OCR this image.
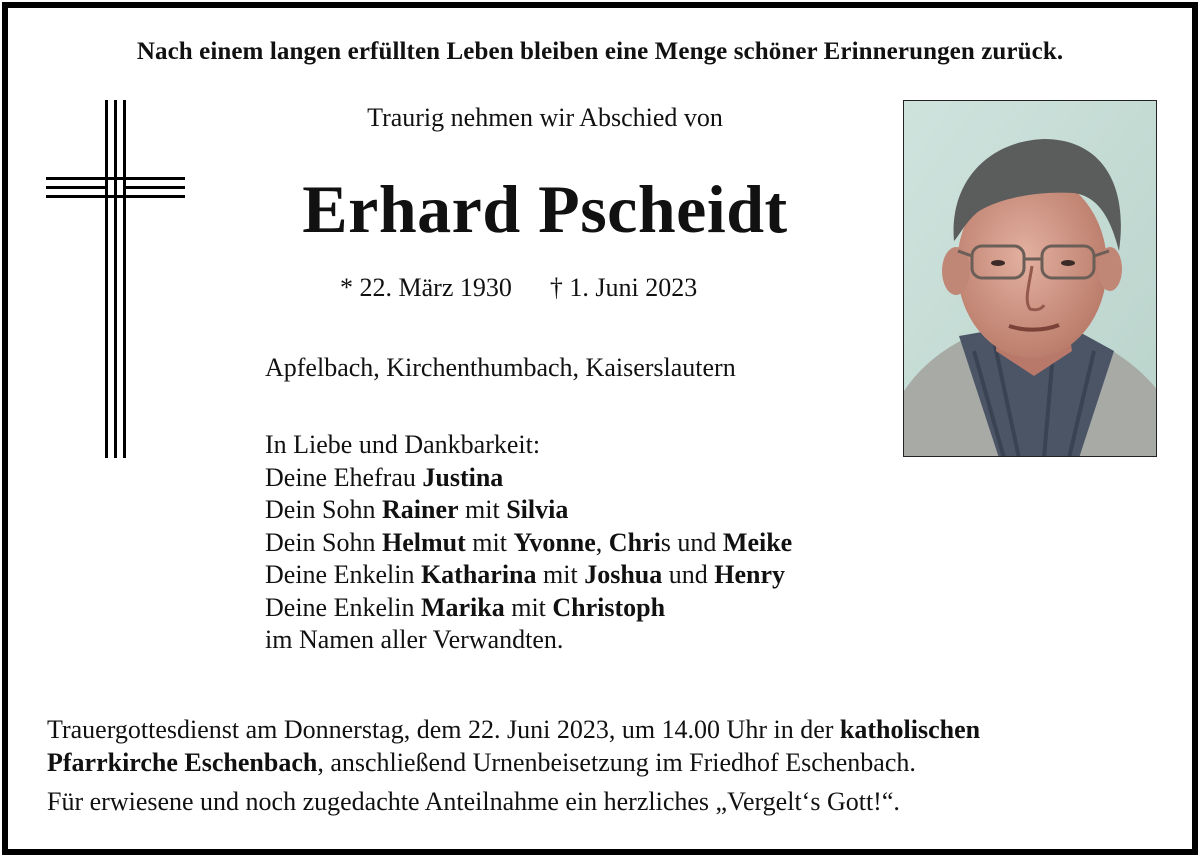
Nach einem langen erfüllten Leben bleiben eine Menge schöner Erinnerungen zurück.
Traurig nehmen wir Abschied von
Erhard Pscheidt
* 22. März 1930 † 1. Juni 2023
Apfelbach, Kirchenthumbach, Kaiserslautern
In Liebe und Dankbarkeit:
Deine Ehefrau Justina
Dein Sohn Rainer mit Silvia
Dein Sohn Helmut mit Yvonne, Chris und Meike
Deine Enkelin Katharina mit Joshua und Henry
Deine Enkelin Marika mit Christoph
im Namen aller Verwandten.
Trauergottesdienst am Donnerstag, dem 22. Juni 2023, um 14.00 Uhr in der katholischen
Pfarrkirche Eschenbach, anschließend Urnenbeisetzung im Friedhof Eschenbach.
Für erwiesene und noch zugedachte Anteilnahme ein herzliches „Vergelt‘s Gott!“.
